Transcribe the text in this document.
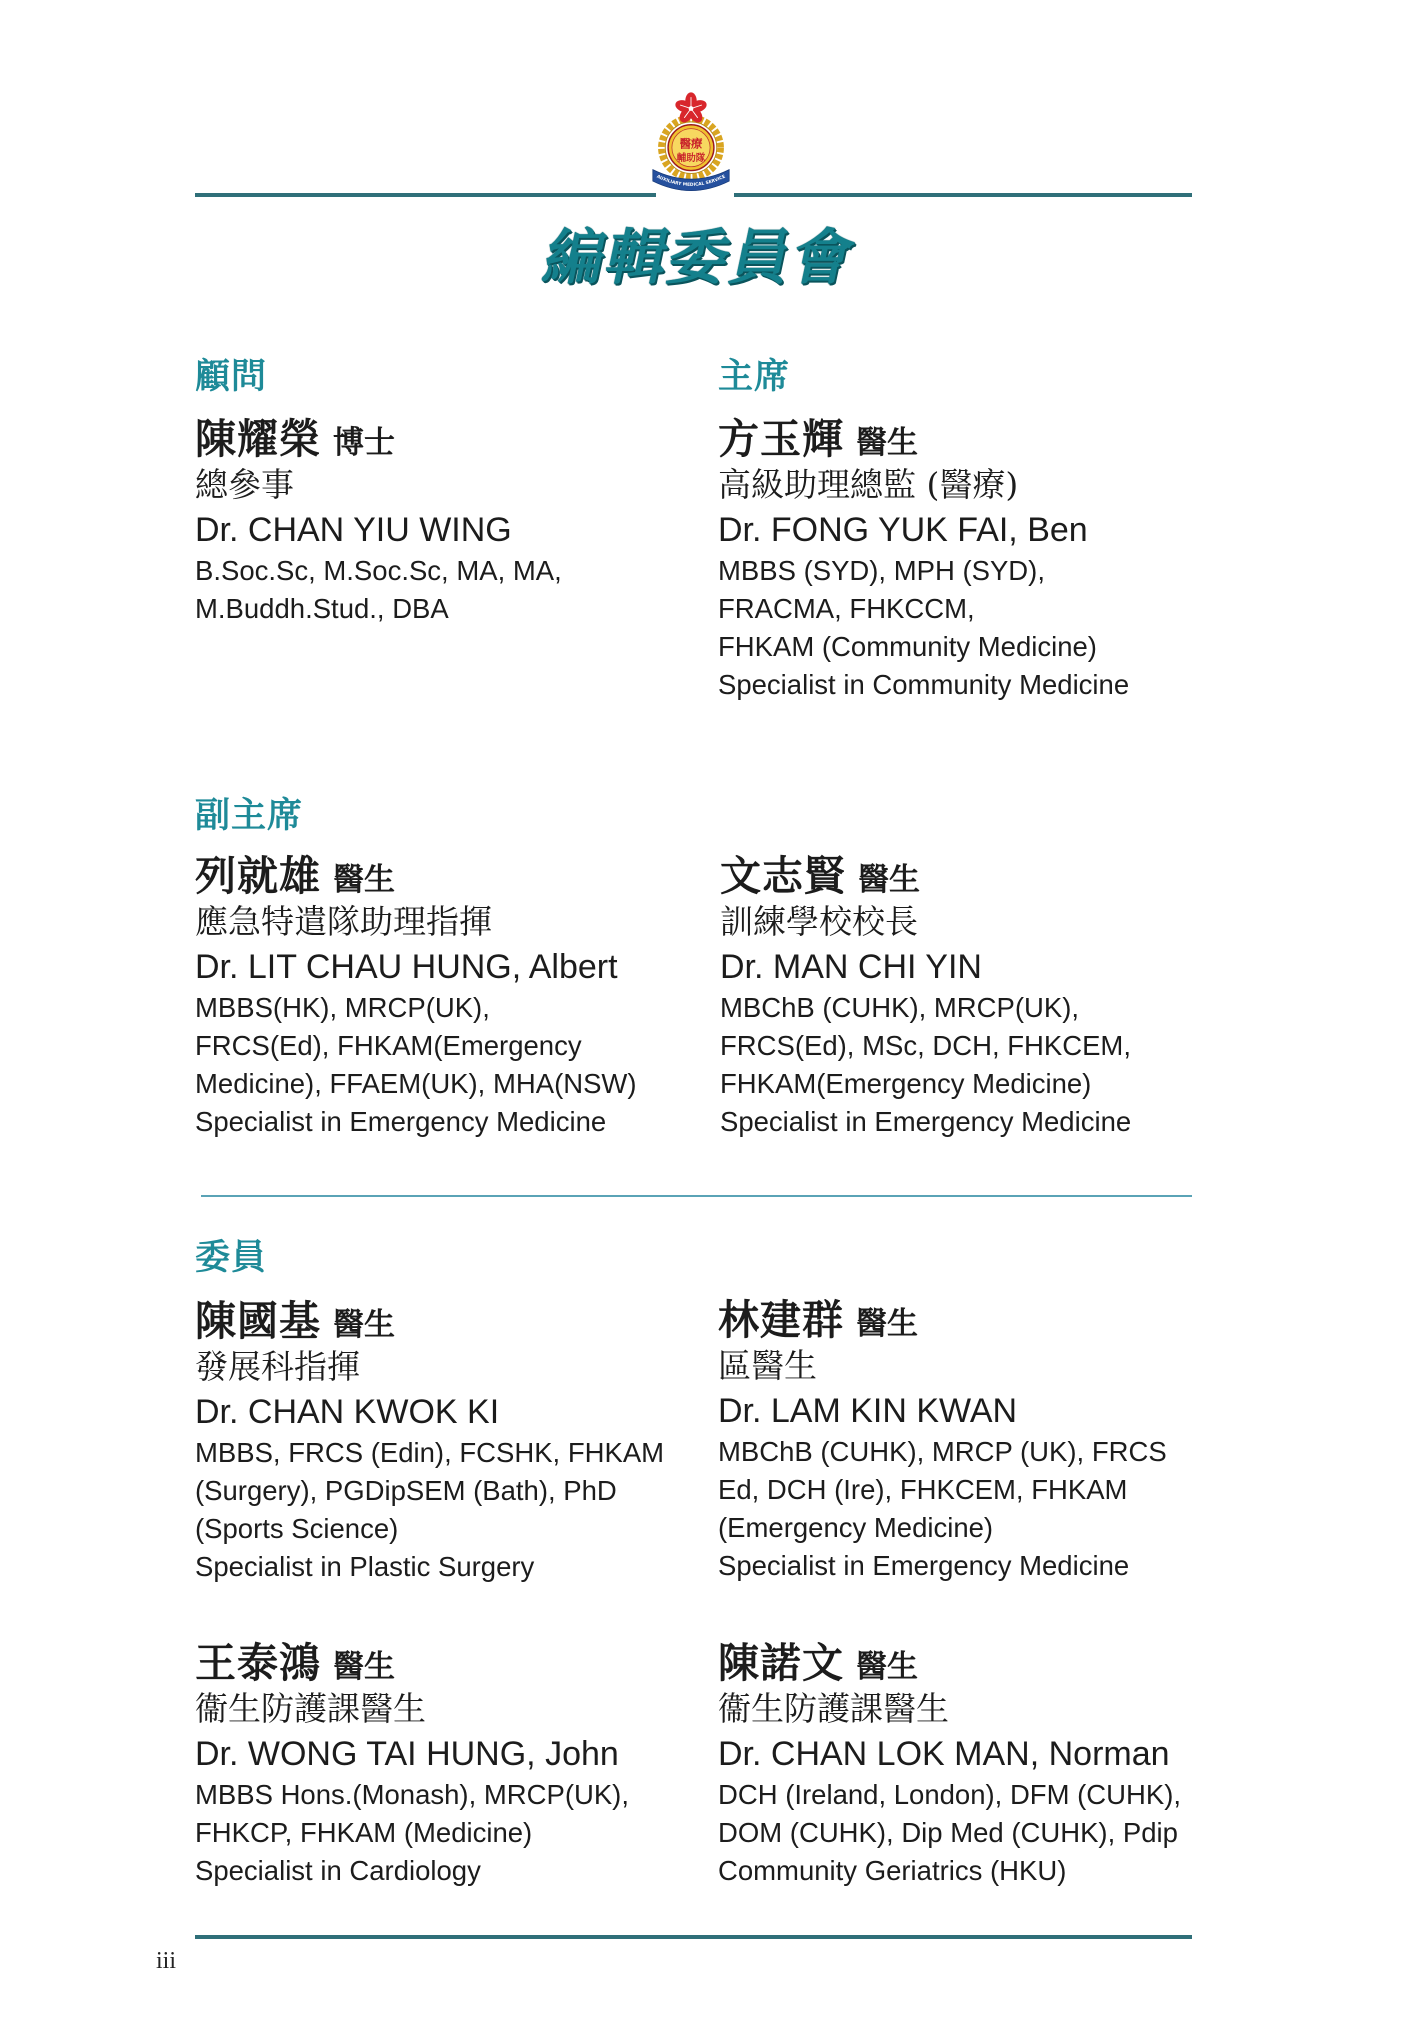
醫療
輔助隊
AUXILIARY MEDICAL SERVICE
編輯委員會
顧問
陳耀榮 博士
總參事
Dr. CHAN YIU WING
B.Soc.Sc, M.Soc.Sc, MA, MA,
M.Buddh.Stud., DBA
主席
方玉輝 醫生
高級助理總監 (醫療)
Dr. FONG YUK FAI, Ben
MBBS (SYD), MPH (SYD),
FRACMA, FHKCCM,
FHKAM (Community Medicine)
Specialist in Community Medicine
副主席
列就雄 醫生
應急特遣隊助理指揮
Dr. LIT CHAU HUNG, Albert
MBBS(HK), MRCP(UK),
FRCS(Ed), FHKAM(Emergency
Medicine), FFAEM(UK), MHA(NSW)
Specialist in Emergency Medicine
文志賢 醫生
訓練學校校長
Dr. MAN CHI YIN
MBChB (CUHK), MRCP(UK),
FRCS(Ed), MSc, DCH, FHKCEM,
FHKAM(Emergency Medicine)
Specialist in Emergency Medicine
委員
陳國基 醫生
發展科指揮
Dr. CHAN KWOK KI
MBBS, FRCS (Edin), FCSHK, FHKAM
(Surgery), PGDipSEM (Bath), PhD
(Sports Science)
Specialist in Plastic Surgery
林建群 醫生
區醫生
Dr. LAM KIN KWAN
MBChB (CUHK), MRCP (UK), FRCS
Ed, DCH (Ire), FHKCEM, FHKAM
(Emergency Medicine)
Specialist in Emergency Medicine
王泰鴻 醫生
衞生防護課醫生
Dr. WONG TAI HUNG, John
MBBS Hons.(Monash), MRCP(UK),
FHKCP, FHKAM (Medicine)
Specialist in Cardiology
陳諾文 醫生
衞生防護課醫生
Dr. CHAN LOK MAN, Norman
DCH (Ireland, London), DFM (CUHK),
DOM (CUHK), Dip Med (CUHK), Pdip
Community Geriatrics (HKU)
iii
